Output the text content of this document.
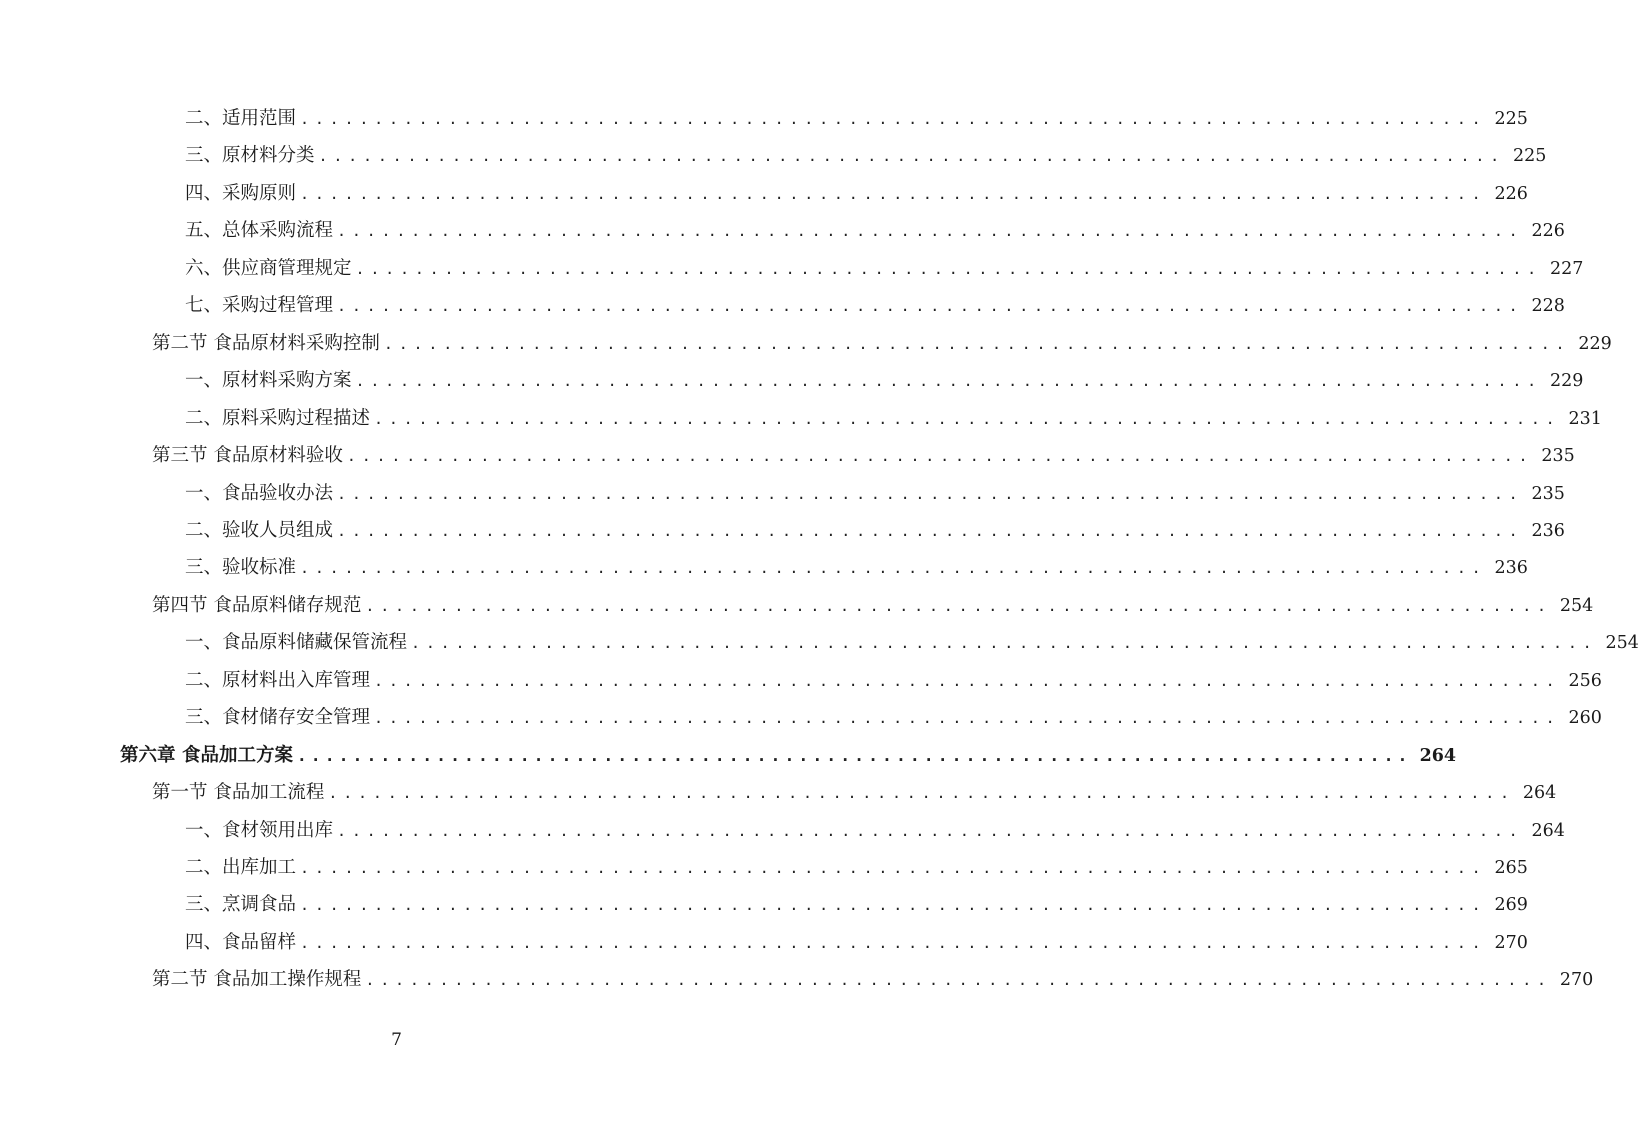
二、适用范围 ................................................................................ 225
三、原材料分类 ................................................................................ 225
四、采购原则 ................................................................................ 226
五、总体采购流程 ................................................................................ 226
六、供应商管理规定 ................................................................................ 227
七、采购过程管理 ................................................................................ 228
第二节 食品原材料采购控制 ................................................................................ 229
一、原材料采购方案 ................................................................................ 229
二、原料采购过程描述 ................................................................................ 231
第三节 食品原材料验收 ................................................................................ 235
一、食品验收办法 ................................................................................ 235
二、验收人员组成 ................................................................................ 236
三、验收标准 ................................................................................ 236
第四节 食品原料储存规范 ................................................................................ 254
一、食品原料储藏保管流程 ................................................................................ 254
二、原材料出入库管理 ................................................................................ 256
三、食材储存安全管理 ................................................................................ 260
第六章 食品加工方案 ................................................................................ 264
第一节 食品加工流程 ................................................................................ 264
一、食材领用出库 ................................................................................ 264
二、出库加工 ................................................................................ 265
三、烹调食品 ................................................................................ 269
四、食品留样 ................................................................................ 270
第二节 食品加工操作规程 ................................................................................ 270
7
